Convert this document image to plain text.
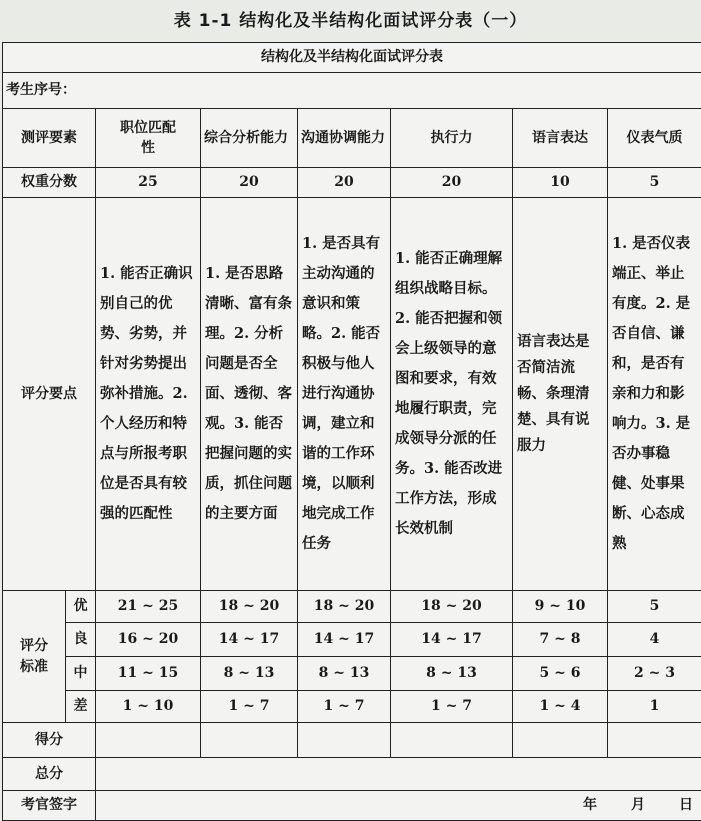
表 1-1 结构化及半结构化面试评分表（一）
结构化及半结构化面试评分表							
考生序号：							
测评要素		职位匹配性	综合分析能力	沟通协调能力	执行力	语言表达	仪表气质
权重分数		25	20	20	20	10	5
评分要点		1. 能否正确识别自己的优势、劣势，并针对劣势提出弥补措施。2. 个人经历和特点与所报考职位是否具有较强的匹配性	1. 是否思路清晰、富有条理。2. 分析问题是否全面、透彻、客观。3. 能否把握问题的实质，抓住问题的主要方面	1. 是否具有主动沟通的意识和策略。2. 能否积极与他人进行沟通协调，建立和谐的工作环境，以顺利地完成工作任务	1. 能否正确理解组织战略目标。2. 能否把握和领会上级领导的意图和要求，有效地履行职责，完成领导分派的任务。3. 能否改进工作方法，形成长效机制	语言表达是否简洁流畅、条理清楚、具有说服力	1. 是否仪表端正、举止有度。2. 是否自信、谦和，是否有亲和力和影响力。3. 是否办事稳健、处事果断、心态成熟
评分标准	优	21 ~ 25	18 ~ 20	18 ~ 20	18 ~ 20	9 ~ 10	5
	良	16 ~ 20	14 ~ 17	14 ~ 17	14 ~ 17	7 ~ 8	4
	中	11 ~ 15	8 ~ 13	8 ~ 13	8 ~ 13	5 ~ 6	2 ~ 3
	差	1 ~ 10	1 ~ 7	1 ~ 7	1 ~ 7	1 ~ 4	1
得分							
总分							
考官签字		年 月 日					
